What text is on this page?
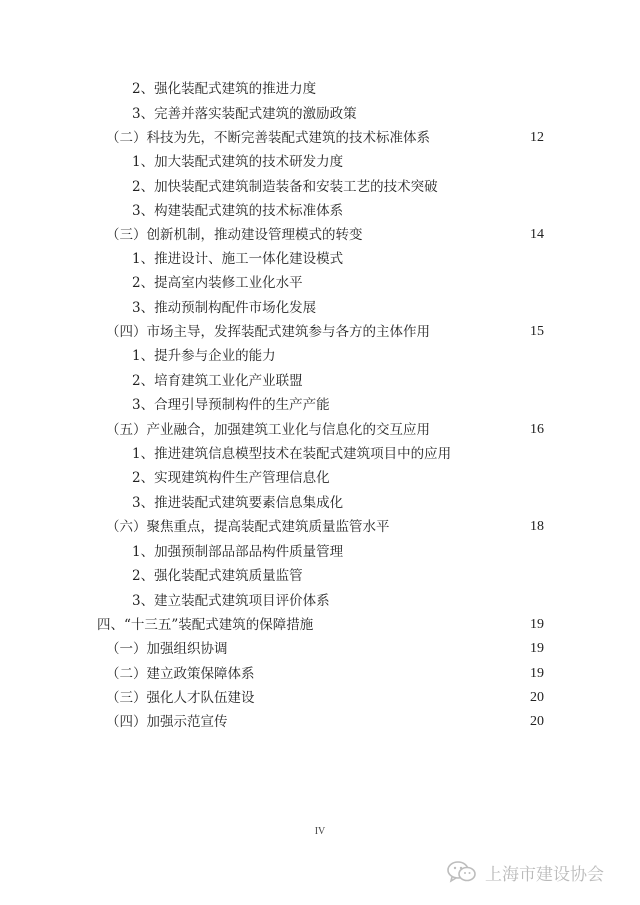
2、强化装配式建筑的推进力度
3、完善并落实装配式建筑的激励政策
（二）科技为先，不断完善装配式建筑的技术标准体系	12
1、加大装配式建筑的技术研发力度
2、加快装配式建筑制造装备和安装工艺的技术突破
3、构建装配式建筑的技术标准体系
（三）创新机制，推动建设管理模式的转变	14
1、推进设计、施工一体化建设模式
2、提高室内装修工业化水平
3、推动预制构配件市场化发展
（四）市场主导，发挥装配式建筑参与各方的主体作用	15
1、提升参与企业的能力
2、培育建筑工业化产业联盟
3、合理引导预制构件的生产产能
（五）产业融合，加强建筑工业化与信息化的交互应用	16
1、推进建筑信息模型技术在装配式建筑项目中的应用
2、实现建筑构件生产管理信息化
3、推进装配式建筑要素信息集成化
（六）聚焦重点，提高装配式建筑质量监管水平	18
1、加强预制部品部品构件质量管理
2、强化装配式建筑质量监管
3、建立装配式建筑项目评价体系
四、“十三五”装配式建筑的保障措施	19
（一）加强组织协调	19
（二）建立政策保障体系	19
（三）强化人才队伍建设	20
（四）加强示范宣传	20
IV
上海市建设协会
